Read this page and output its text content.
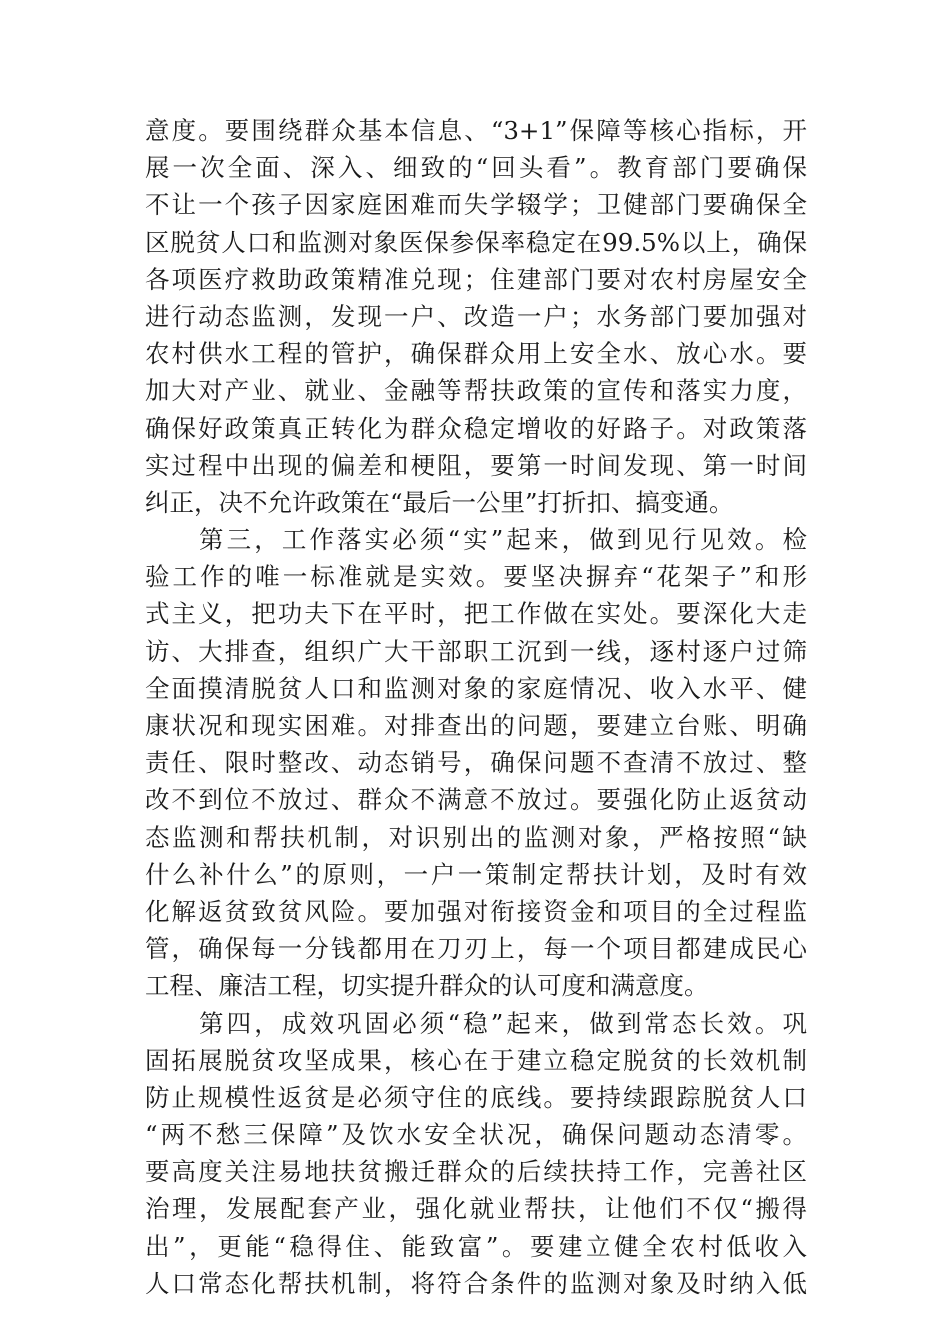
意度。要围绕群众基本信息、“3+1”保障等核心指标，开
展一次全面、深入、细致的“回头看”。教育部门要确保
不让一个孩子因家庭困难而失学辍学；卫健部门要确保全
区脱贫人口和监测对象医保参保率稳定在99.5%以上，确保
各项医疗救助政策精准兑现；住建部门要对农村房屋安全
进行动态监测，发现一户、改造一户；水务部门要加强对
农村供水工程的管护，确保群众用上安全水、放心水。要
加大对产业、就业、金融等帮扶政策的宣传和落实力度，
确保好政策真正转化为群众稳定增收的好路子。对政策落
实过程中出现的偏差和梗阻，要第一时间发现、第一时间
纠正，决不允许政策在“最后一公里”打折扣、搞变通。
第三，工作落实必须“实”起来，做到见行见效。检
验工作的唯一标准就是实效。要坚决摒弃“花架子”和形
式主义，把功夫下在平时，把工作做在实处。要深化大走
访、大排查，组织广大干部职工沉到一线，逐村逐户过筛
全面摸清脱贫人口和监测对象的家庭情况、收入水平、健
康状况和现实困难。对排查出的问题，要建立台账、明确
责任、限时整改、动态销号，确保问题不查清不放过、整
改不到位不放过、群众不满意不放过。要强化防止返贫动
态监测和帮扶机制，对识别出的监测对象，严格按照“缺
什么补什么”的原则，一户一策制定帮扶计划，及时有效
化解返贫致贫风险。要加强对衔接资金和项目的全过程监
管，确保每一分钱都用在刀刃上，每一个项目都建成民心
工程、廉洁工程，切实提升群众的认可度和满意度。
第四，成效巩固必须“稳”起来，做到常态长效。巩
固拓展脱贫攻坚成果，核心在于建立稳定脱贫的长效机制
防止规模性返贫是必须守住的底线。要持续跟踪脱贫人口
“两不愁三保障”及饮水安全状况，确保问题动态清零。
要高度关注易地扶贫搬迁群众的后续扶持工作，完善社区
治理，发展配套产业，强化就业帮扶，让他们不仅“搬得
出”，更能“稳得住、能致富”。要建立健全农村低收入
人口常态化帮扶机制，将符合条件的监测对象及时纳入低
